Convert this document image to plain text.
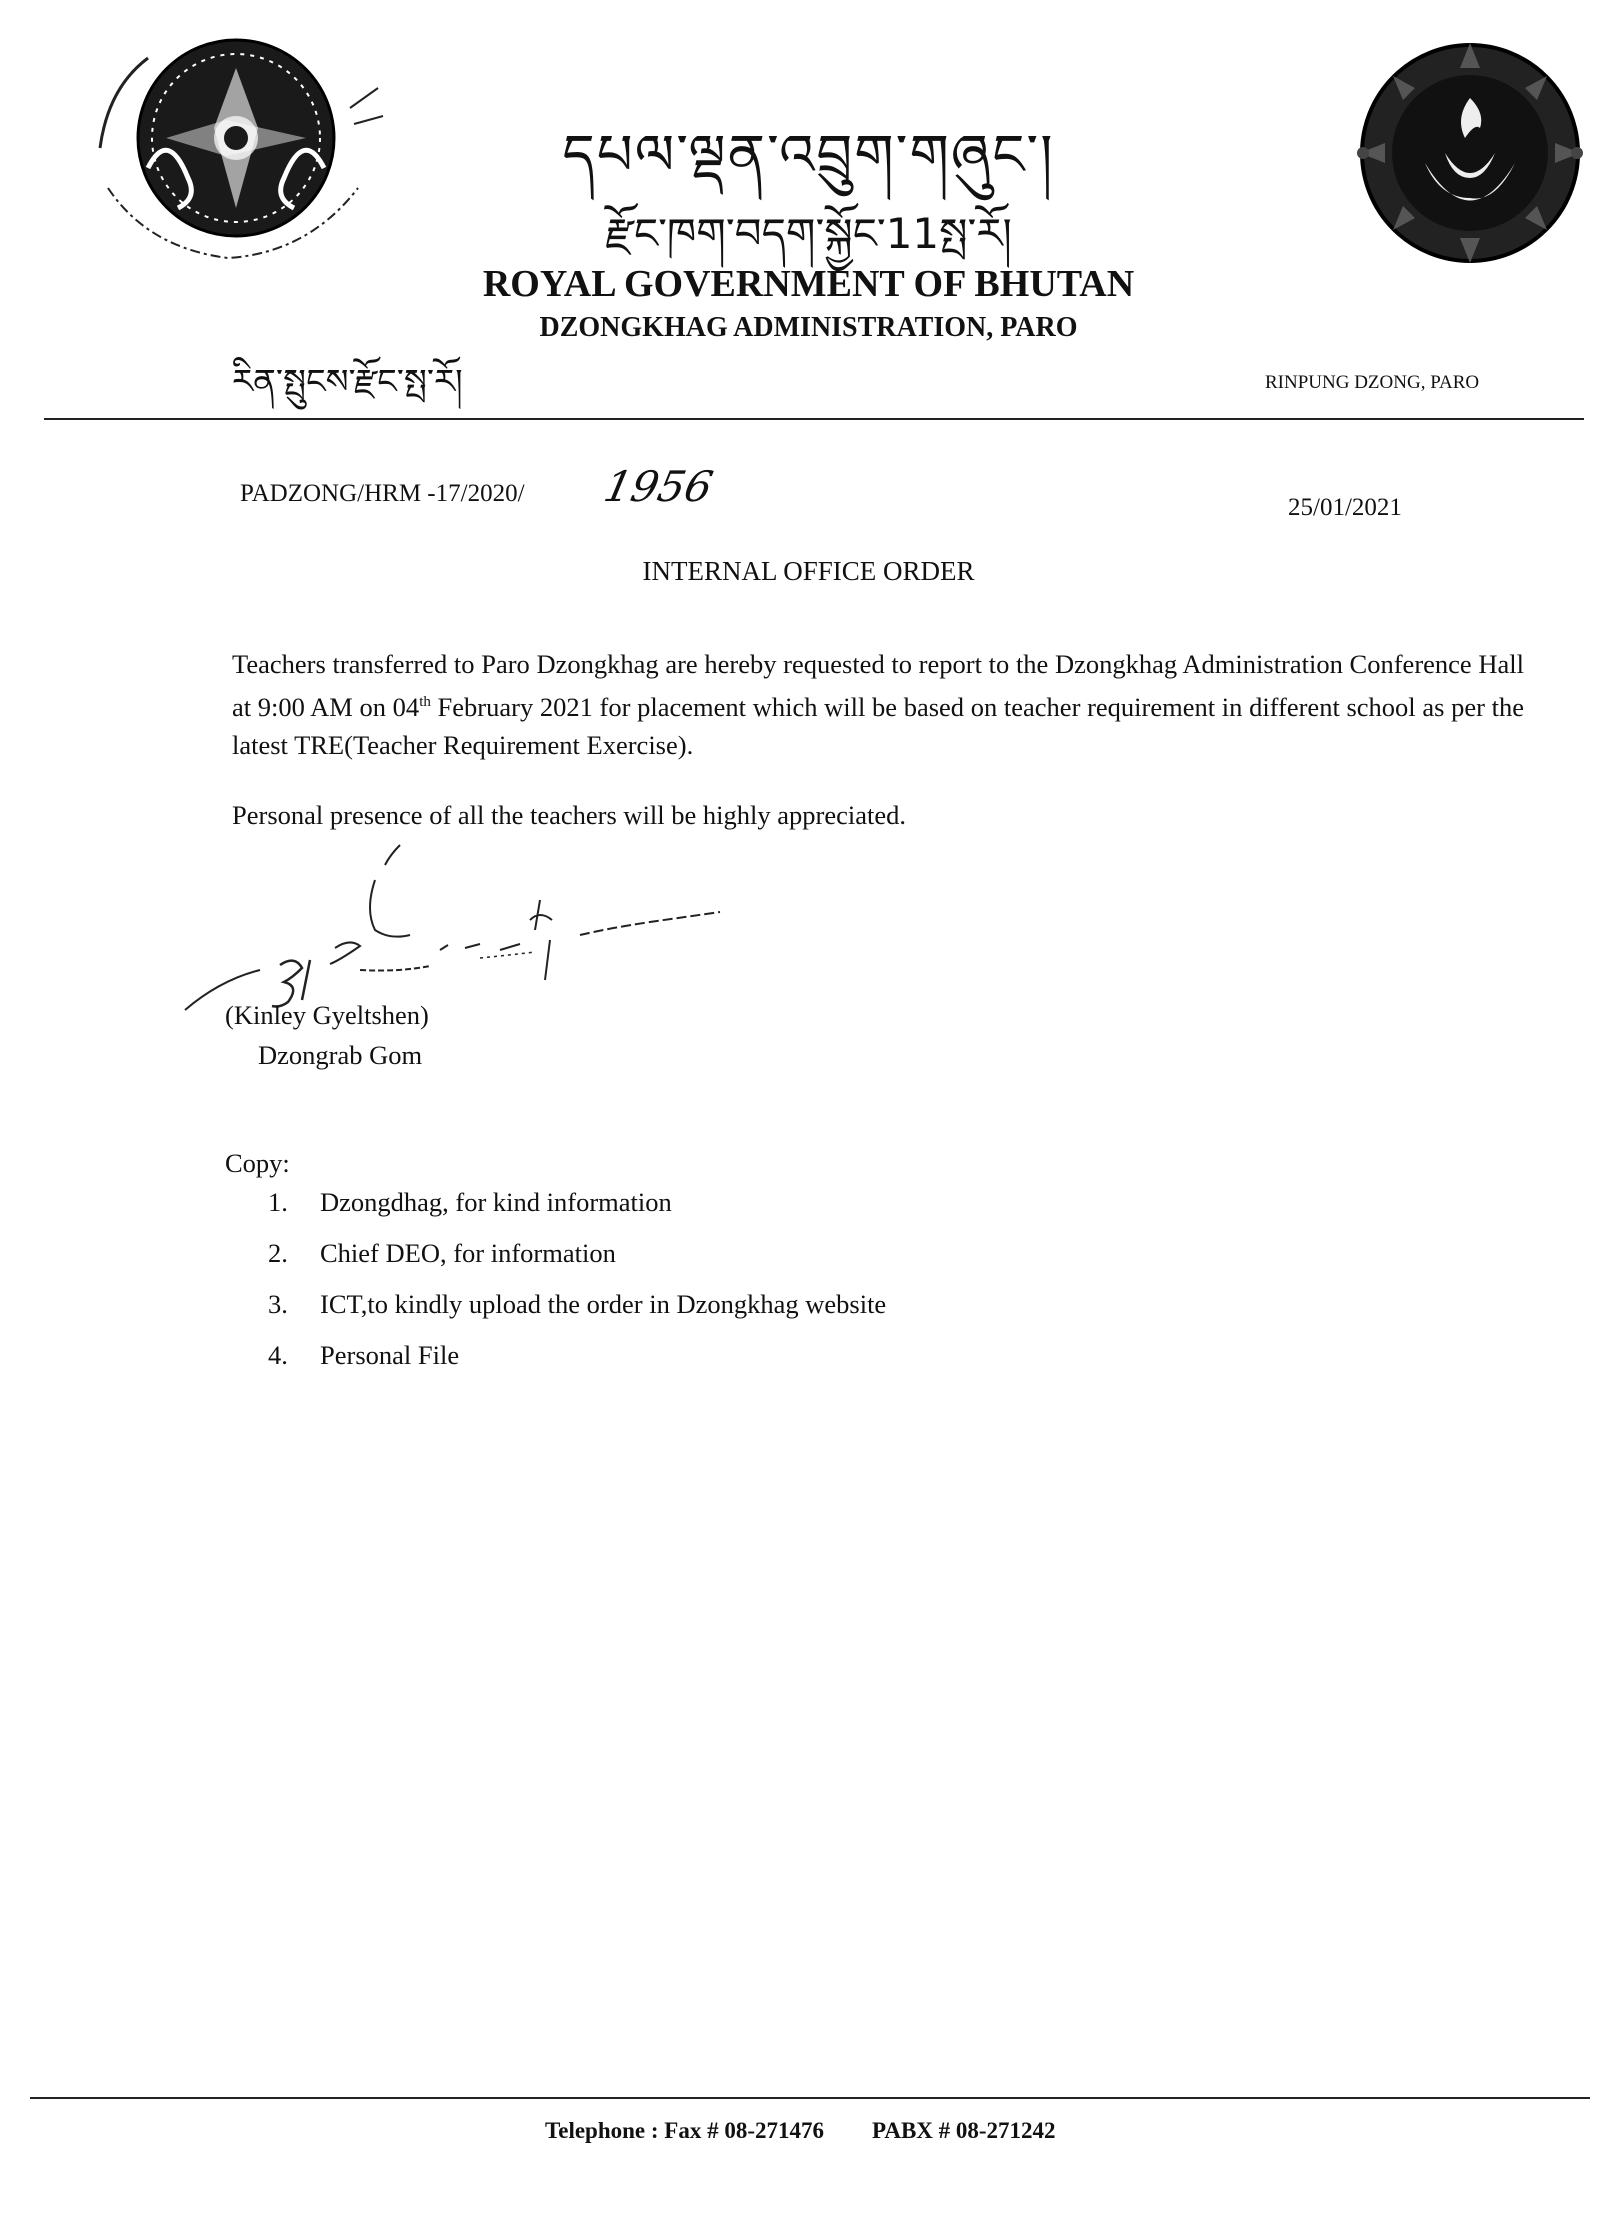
དཔལ་ལྡན་འབྲུག་གཞུང་།
རྫོང་ཁག་བདག་སྐྱོང་11སྤ་རོ།
ROYAL GOVERNMENT OF BHUTAN
DZONGKHAG ADMINISTRATION, PARO
རིན་སྤུངས་རྫོང་སྤ་རོ།	RINPUNG DZONG, PARO
PADZONG/HRM -17/2020/ 1956	25/01/2021
INTERNAL OFFICE ORDER
Teachers transferred to Paro Dzongkhag are hereby requested to report to the Dzongkhag Administration Conference Hall at 9:00 AM on 04th February 2021 for placement which will be based on teacher requirement in different school as per the latest TRE(Teacher Requirement Exercise).
Personal presence of all the teachers will be highly appreciated.
(Kinley Gyeltshen)
Dzongrab Gom
Copy:
1. Dzongdhag, for kind information
2. Chief DEO, for information
3. ICT,to kindly upload the order in Dzongkhag website
4. Personal File
Telephone : Fax # 08-271476 PABX # 08-271242
